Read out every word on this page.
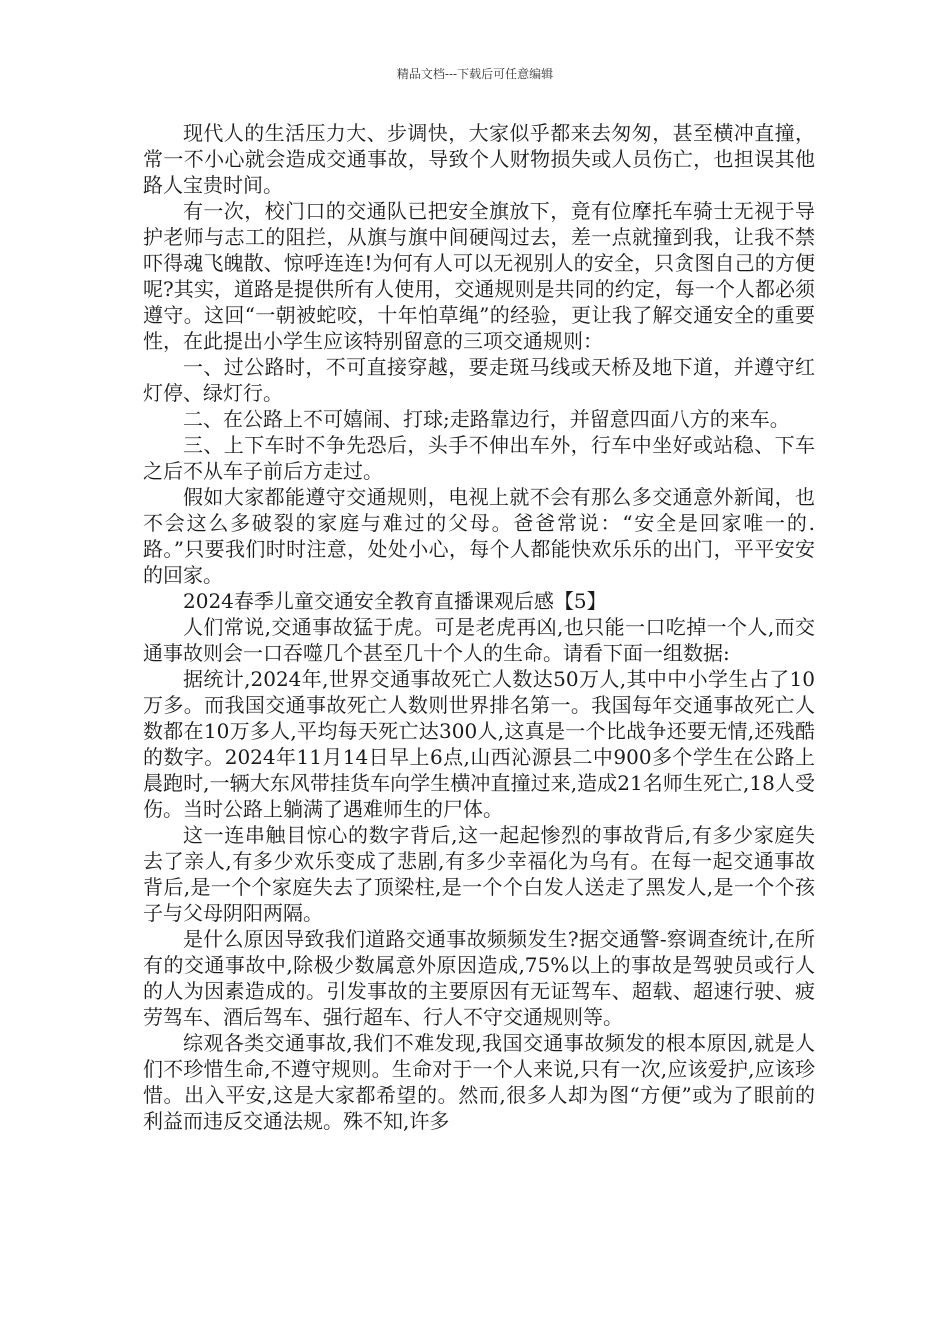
精品文档---下载后可任意编辑

现代人的生活压力大、步调快，大家似乎都来去匆匆，甚至横冲直撞，常一不小心就会造成交通事故，导致个人财物损失或人员伤亡，也担误其他路人宝贵时间。

有一次，校门口的交通队已把安全旗放下，竟有位摩托车骑士无视于导护老师与志工的阻拦，从旗与旗中间硬闯过去，差一点就撞到我，让我不禁吓得魂飞魄散、惊呼连连!为何有人可以无视别人的安全，只贪图自己的方便呢?其实，道路是提供所有人使用，交通规则是共同的约定，每一个人都必须遵守。这回“一朝被蛇咬，十年怕草绳”的经验，更让我了解交通安全的重要性，在此提出小学生应该特别留意的三项交通规则：

一、过公路时，不可直接穿越，要走斑马线或天桥及地下道，并遵守红灯停、绿灯行。

二、在公路上不可嬉闹、打球;走路靠边行，并留意四面八方的来车。

三、上下车时不争先恐后，头手不伸出车外，行车中坐好或站稳、下车之后不从车子前后方走过。

假如大家都能遵守交通规则，电视上就不会有那么多交通意外新闻，也不会这么多破裂的家庭与难过的父母。爸爸常说：“安全是回家唯一的.路。”只要我们时时注意，处处小心，每个人都能快欢乐乐的出门，平平安安的回家。

2024春季儿童交通安全教育直播课观后感【5】

人们常说,交通事故猛于虎。可是老虎再凶,也只能一口吃掉一个人,而交通事故则会一口吞噬几个甚至几十个人的生命。请看下面一组数据:

据统计,2024年,世界交通事故死亡人数达50万人,其中中小学生占了10万多。而我国交通事故死亡人数则世界排名第一。我国每年交通事故死亡人数都在10万多人,平均每天死亡达300人,这真是一个比战争还要无情,还残酷的数字。2024年11月14日早上6点,山西沁源县二中900多个学生在公路上晨跑时,一辆大东风带挂货车向学生横冲直撞过来,造成21名师生死亡,18人受伤。当时公路上躺满了遇难师生的尸体。

这一连串触目惊心的数字背后,这一起起惨烈的事故背后,有多少家庭失去了亲人,有多少欢乐变成了悲剧,有多少幸福化为乌有。在每一起交通事故背后,是一个个家庭失去了顶梁柱,是一个个白发人送走了黑发人,是一个个孩子与父母阴阳两隔。

是什么原因导致我们道路交通事故频频发生?据交通警-察调查统计,在所有的交通事故中,除极少数属意外原因造成,75%以上的事故是驾驶员或行人的人为因素造成的。引发事故的主要原因有无证驾车、超载、超速行驶、疲劳驾车、酒后驾车、强行超车、行人不守交通规则等。

综观各类交通事故,我们不难发现,我国交通事故频发的根本原因,就是人们不珍惜生命,不遵守规则。生命对于一个人来说,只有一次,应该爱护,应该珍惜。出入平安,这是大家都希望的。然而,很多人却为图“方便”或为了眼前的利益而违反交通法规。殊不知,许多
